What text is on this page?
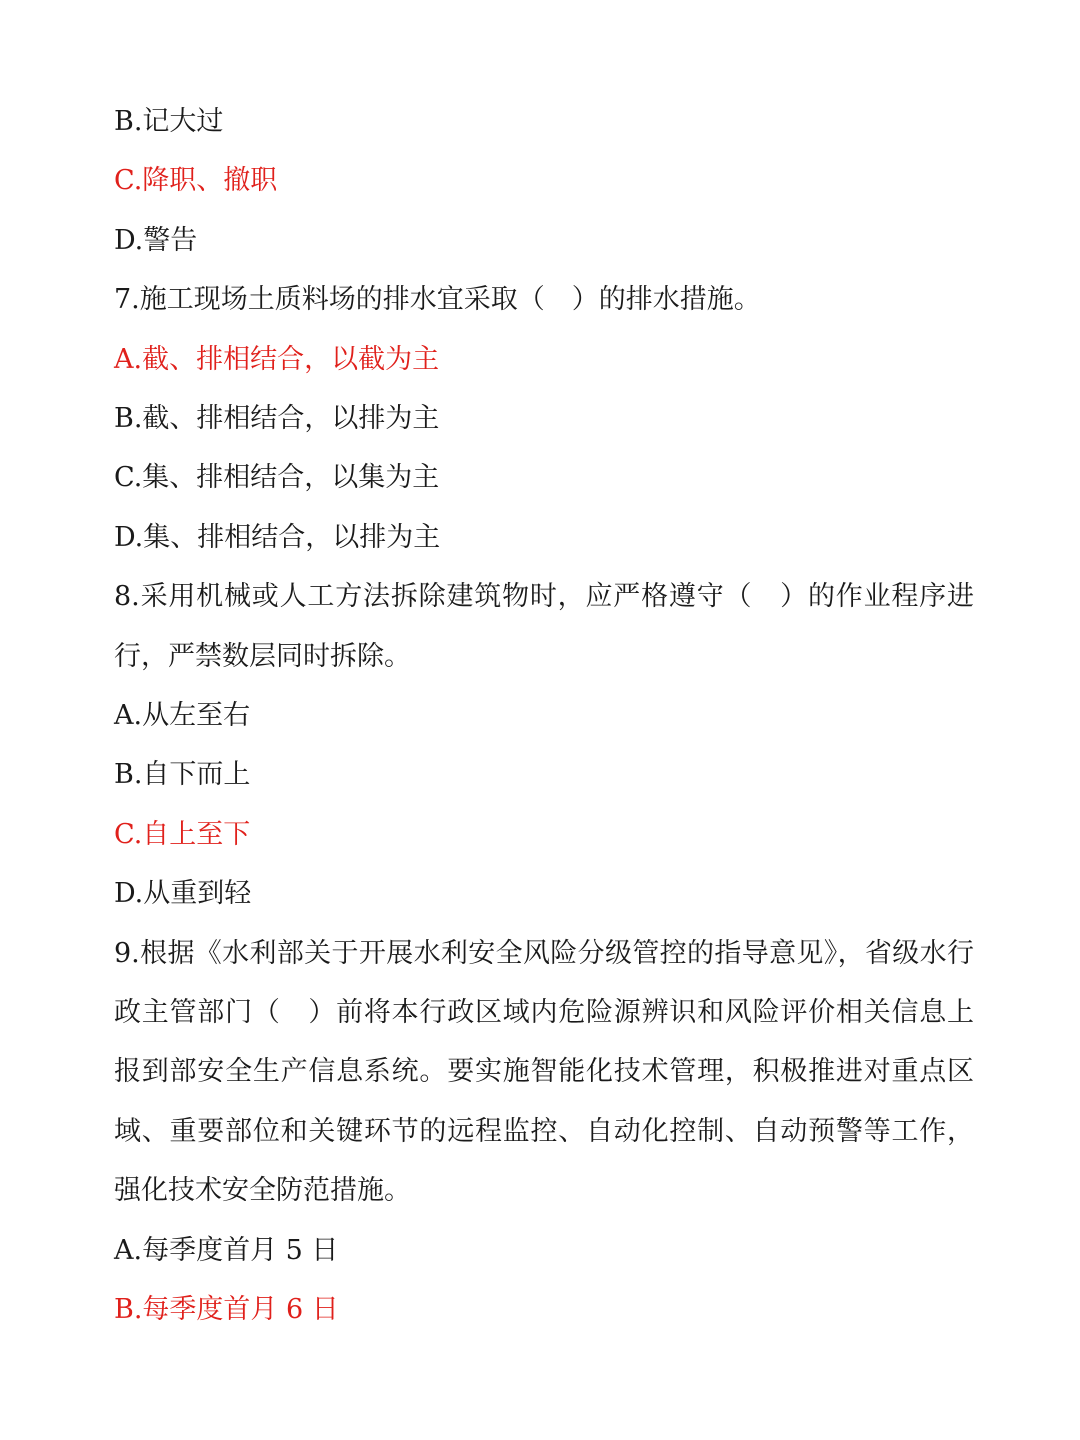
B.记大过
C.降职、撤职
D.警告
7.施工现场土质料场的排水宜采取（　）的排水措施。
A.截、排相结合，以截为主
B.截、排相结合，以排为主
C.集、排相结合，以集为主
D.集、排相结合，以排为主
8.采用机械或人工方法拆除建筑物时，应严格遵守（　）的作业程序进行，严禁数层同时拆除。
A.从左至右
B.自下而上
C.自上至下
D.从重到轻
9.根据《水利部关于开展水利安全风险分级管控的指导意见》，省级水行政主管部门（　）前将本行政区域内危险源辨识和风险评价相关信息上报到部安全生产信息系统。要实施智能化技术管理，积极推进对重点区域、重要部位和关键环节的远程监控、自动化控制、自动预警等工作，强化技术安全防范措施。
A.每季度首月 5 日
B.每季度首月 6 日
